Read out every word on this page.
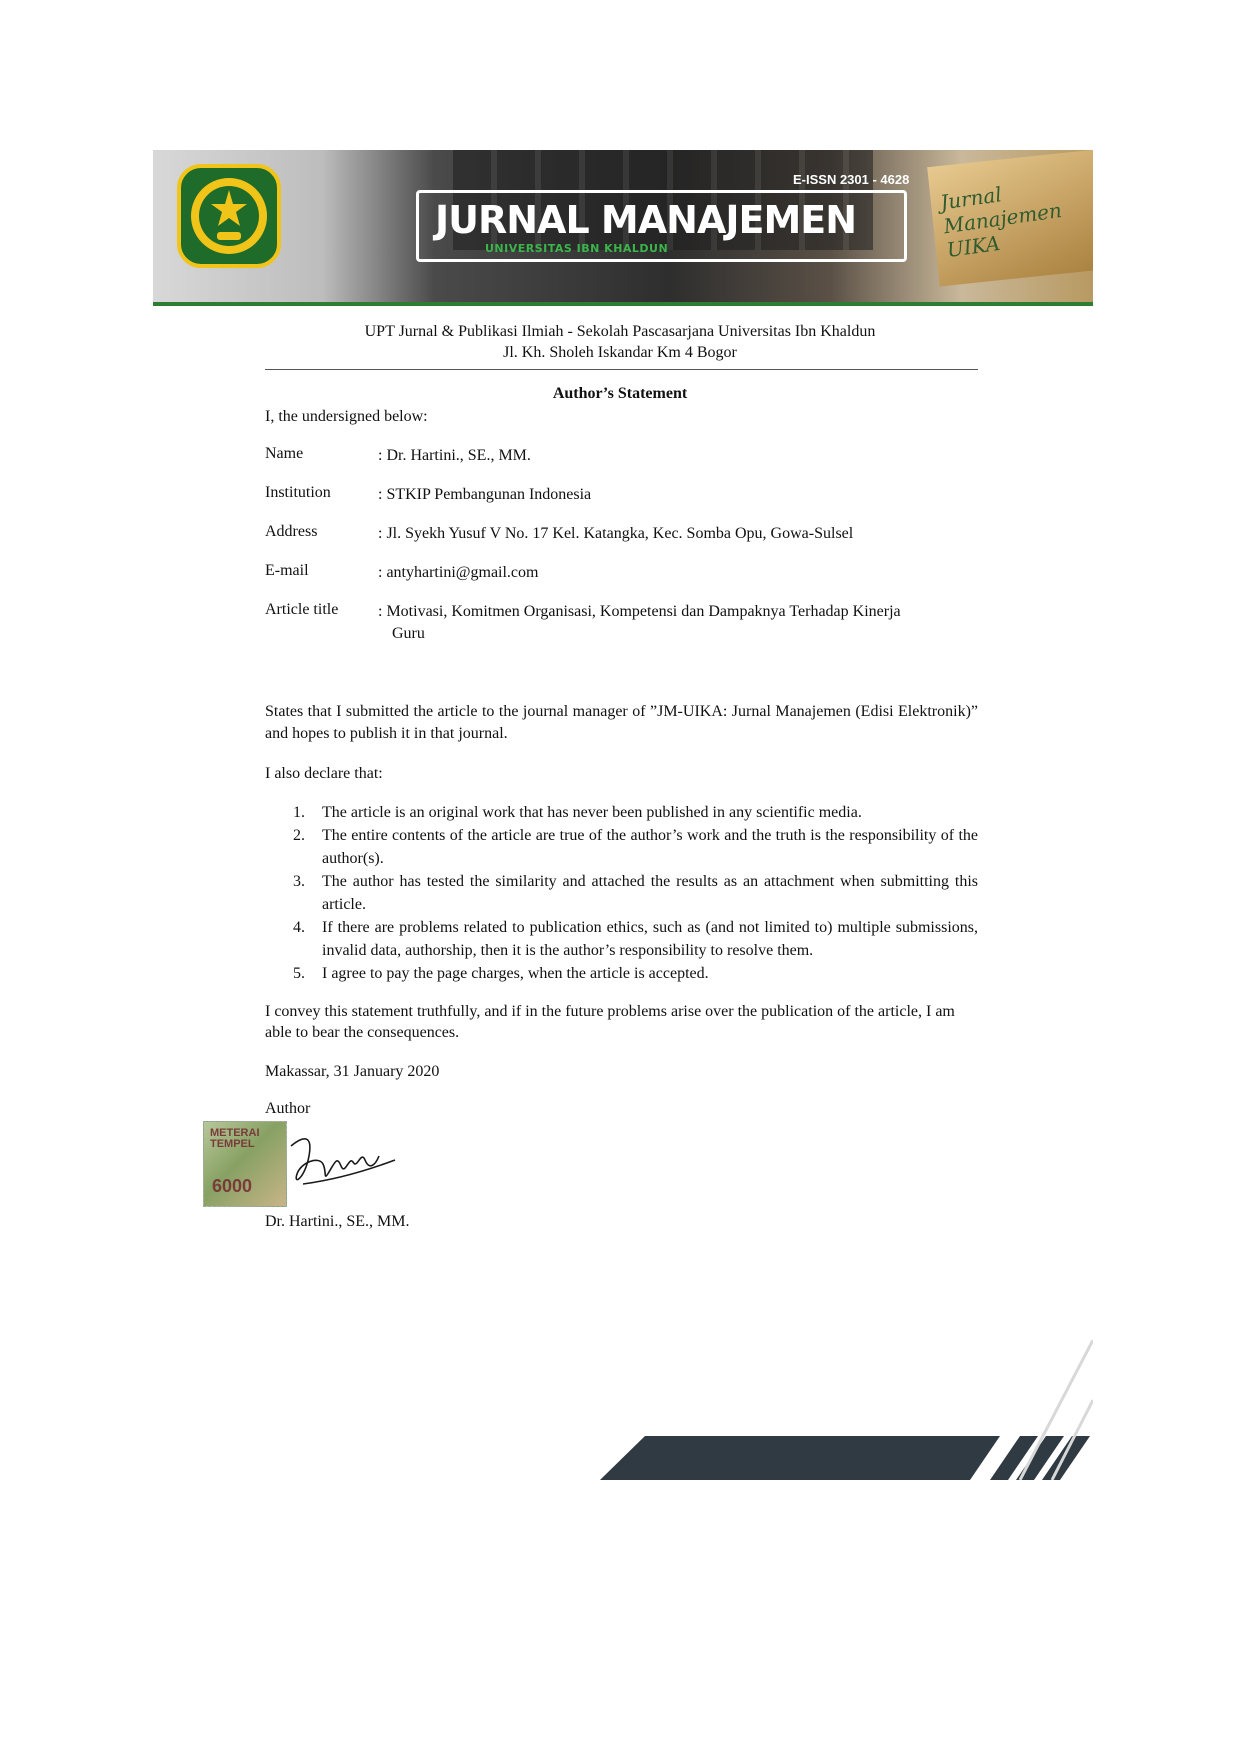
Jurnal Manajemen UIKA
E-ISSN 2301 - 4628
JURNAL MANAJEMEN
UNIVERSITAS IBN KHALDUN
UPT Jurnal & Publikasi Ilmiah - Sekolah Pascasarjana Universitas Ibn Khaldun
Jl. Kh. Sholeh Iskandar Km 4 Bogor
Author’s Statement
I, the undersigned below:
Name	: Dr. Hartini., SE., MM.
Institution	: STKIP Pembangunan Indonesia
Address	: Jl. Syekh Yusuf V No. 17 Kel. Katangka, Kec. Somba Opu, Gowa-Sulsel
E-mail	: antyhartini@gmail.com
Article title : Motivasi, Komitmen Organisasi, Kompetensi dan Dampaknya Terhadap Kinerja
Guru
States that I submitted the article to the journal manager of ”JM-UIKA: Jurnal Manajemen (Edisi Elektronik)” and hopes to publish it in that journal.
I also declare that:
1. The article is an original work that has never been published in any scientific media.
2. The entire contents of the article are true of the author’s work and the truth is the responsibility of the author(s).
3. The author has tested the similarity and attached the results as an attachment when submitting this article.
4. If there are problems related to publication ethics, such as (and not limited to) multiple submissions, invalid data, authorship, then it is the author’s responsibility to resolve them.
5. I agree to pay the page charges, when the article is accepted.
I convey this statement truthfully, and if in the future problems arise over the publication of the article, I am able to bear the consequences.
Makassar, 31 January 2020
Author
METERAI TEMPEL
6000
Dr. Hartini., SE., MM.
